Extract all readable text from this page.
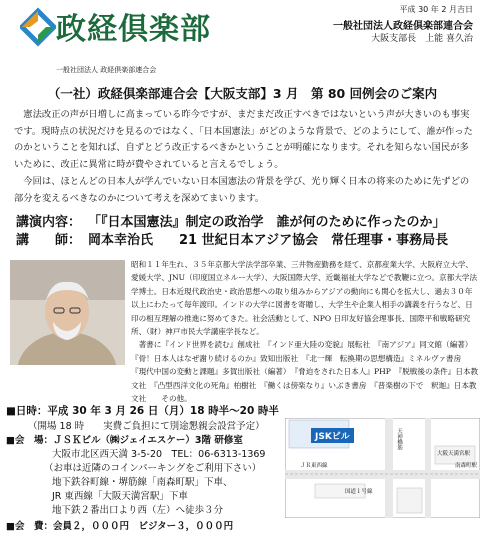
政経倶楽部
一般社団法人 政経倶楽部連合会
平成 30 年 2 月吉日
一般社団法人政経倶楽部連合会
大阪支部長　上能 喜久治
（一社）政経倶楽部連合会【大阪支部】3 月　第 80 回例会のご案内
憲法改正の声が日増しに高まっている昨今ですが、まだまだ改正すべきではないという声が大きいのも事実です。現時点の状況だけを見るのではなく、「日本国憲法」がどのような背景で、どのようにして、誰が作ったのかということを知れば、自ずとどう改正するべきかということが明確になります。それを知らない国民が多いために、改正に異常に時が費やされていると言えるでしょう。
今回は、ほとんどの日本人が学んでいない日本国憲法の背景を学び、光り輝く日本の将来のために先ずどの部分を変えるべきなのかについて考えを深めてまいります。
講演内容： 「『日本国憲法』制定の政治学　誰が何のために作ったのか」
講　　師： 岡本幸治氏　　21 世紀日本アジア協会　常任理事・事務局長
昭和１１年生れ、３５年京都大学法学部卒業、三井物産勤務を経て、京都産業大学、大阪府立大学、愛媛大学、JNU（印度国立ネルー大学）、大阪国際大学、近畿福祉大学などで教鞭に立つ。京都大学法学博士。日本近現代政治史・政治思想への取り組みからアジアの動向にも関心を拡大し、過去３０年以上にわたって毎年渡印。インドの大学に図書を寄贈し、大学生や企業人相手の講義を行うなど、日印の相互理解の推進に努めてきた。社会活動として、NPO 日印友好協会理事長、国際平和戦略研究所、（財）神戸市民大学講座学長など。
著書に『インド世界を読む』創成社　『インド亜大陸の変貌』展転社　『南アジア』同文館（編著）『骨！日本人はなぜ謝り続けるのか』致知出版社　『北一輝　転換期の思想構造』ミネルヴァ書房　『現代中国の変動と課題』多賀出版社（編著）　『脅迫をされた日本人』PHP　『脱戦後の条件』日本教文社　『凸型西洋文化の死角』柏樹社　『働くは傍楽なり』いぶき書房　『普楽樹の下で　釈迦』日本教文社　　その他。
■日時：平成 30 年 3 月 26 日（月）18 時半～20 時半
（開場 18 時　　実費ご負担にて別途懇親会設営予定）
■会　場：ＪＳＫビル（㈱ジェイエスケー）3階 研修室
大阪市北区西天満 3-5-20　TEL：06-6313-1369
（お車は近隣のコインパーキングをご利用下さい）
地下鉄谷町線・堺筋線「南森町駅」下車、
JR 東西線「大阪天満宮駅」下車
地下鉄２番出口より西（左）へ徒歩３分
■会　費：会員２，０００円　ビジター３，０００円
JSKビル
ＪＲ東西線	南森町駅
大阪天満宮駅
国道１号線
天神橋筋
